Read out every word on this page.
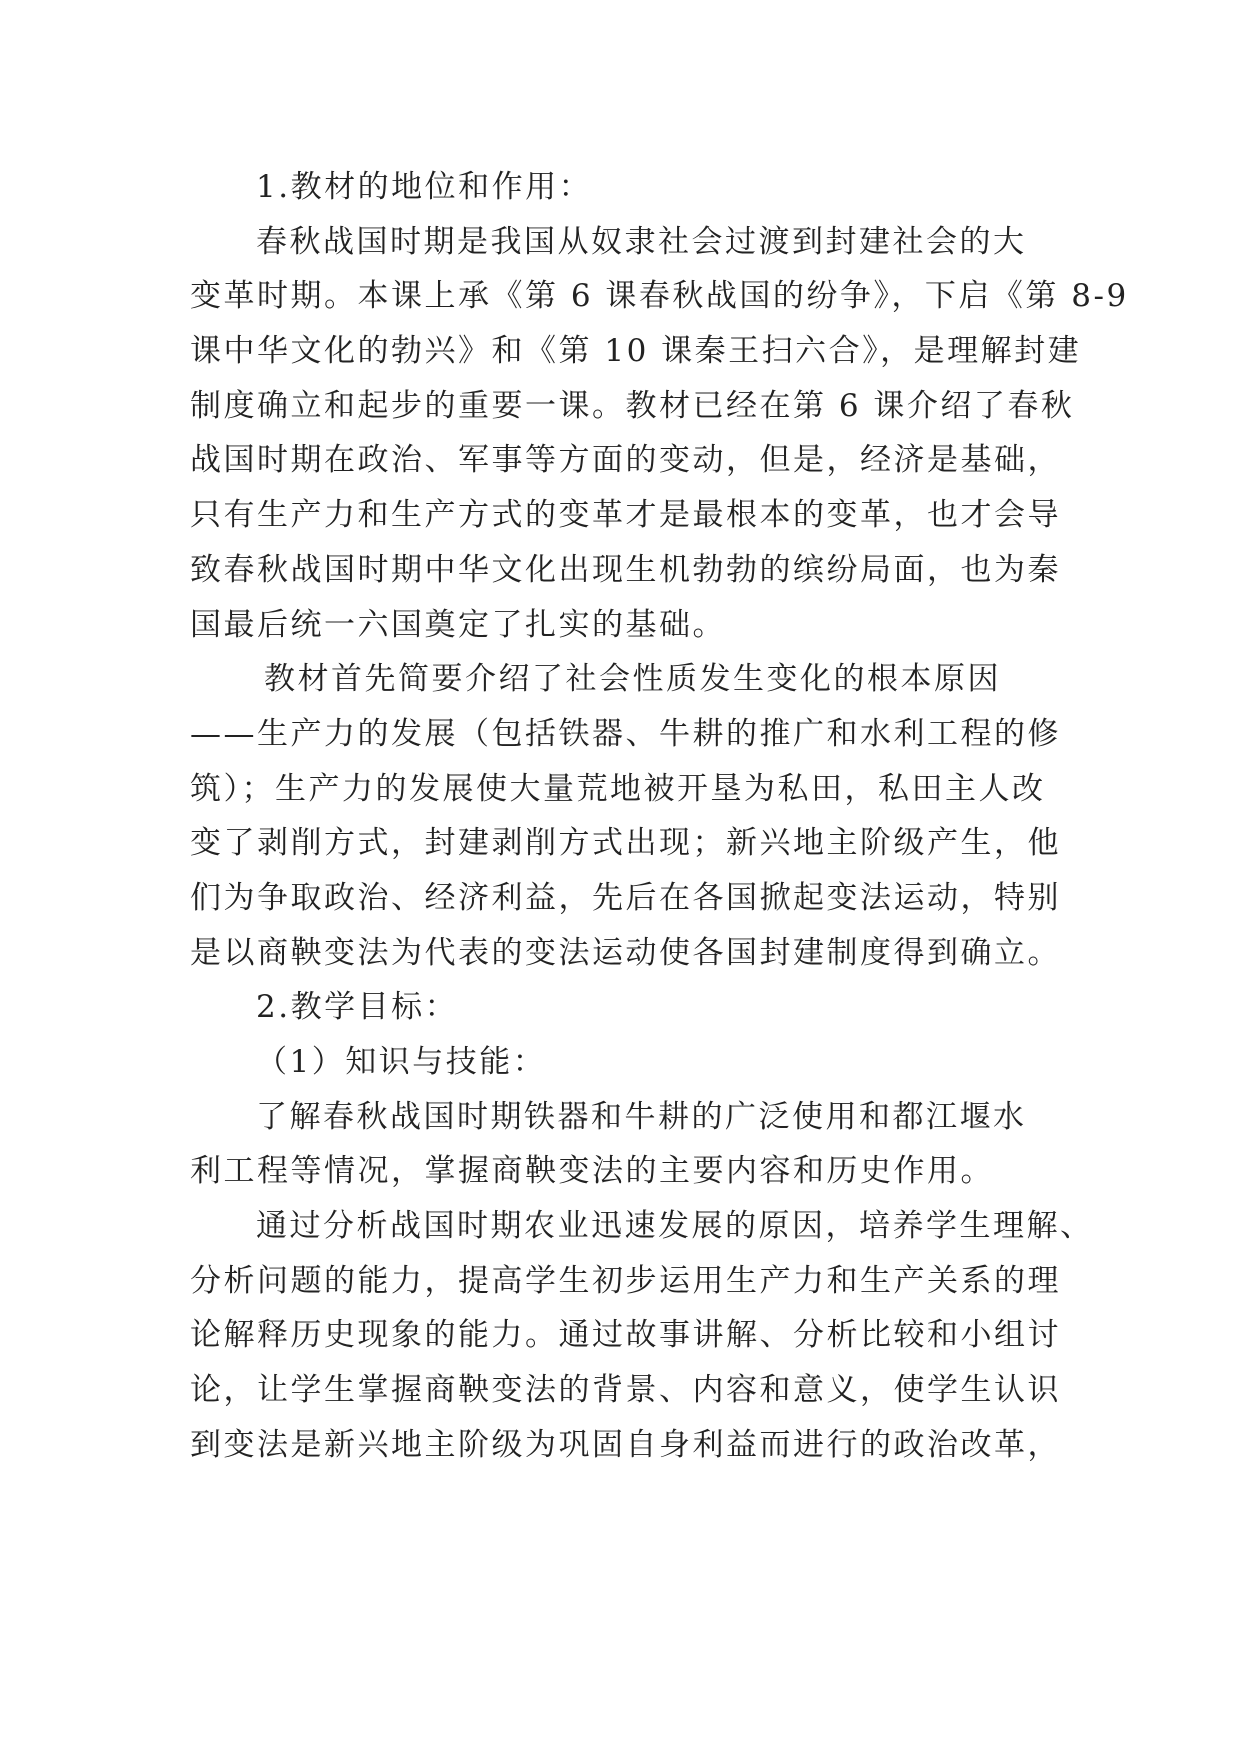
1.教材的地位和作用：
春秋战国时期是我国从奴隶社会过渡到封建社会的大
变革时期。本课上承《第 6 课春秋战国的纷争》，下启《第 8-9
课中华文化的勃兴》和《第 10 课秦王扫六合》，是理解封建
制度确立和起步的重要一课。教材已经在第 6 课介绍了春秋
战国时期在政治、军事等方面的变动，但是，经济是基础，
只有生产力和生产方式的变革才是最根本的变革，也才会导
致春秋战国时期中华文化出现生机勃勃的缤纷局面，也为秦
国最后统一六国奠定了扎实的基础。
教材首先简要介绍了社会性质发生变化的根本原因
——生产力的发展（包括铁器、牛耕的推广和水利工程的修
筑）；生产力的发展使大量荒地被开垦为私田，私田主人改
变了剥削方式，封建剥削方式出现；新兴地主阶级产生，他
们为争取政治、经济利益，先后在各国掀起变法运动，特别
是以商鞅变法为代表的变法运动使各国封建制度得到确立。
2.教学目标：
（1）知识与技能：
了解春秋战国时期铁器和牛耕的广泛使用和都江堰水
利工程等情况，掌握商鞅变法的主要内容和历史作用。
通过分析战国时期农业迅速发展的原因，培养学生理解、
分析问题的能力，提高学生初步运用生产力和生产关系的理
论解释历史现象的能力。通过故事讲解、分析比较和小组讨
论，让学生掌握商鞅变法的背景、内容和意义，使学生认识
到变法是新兴地主阶级为巩固自身利益而进行的政治改革，
